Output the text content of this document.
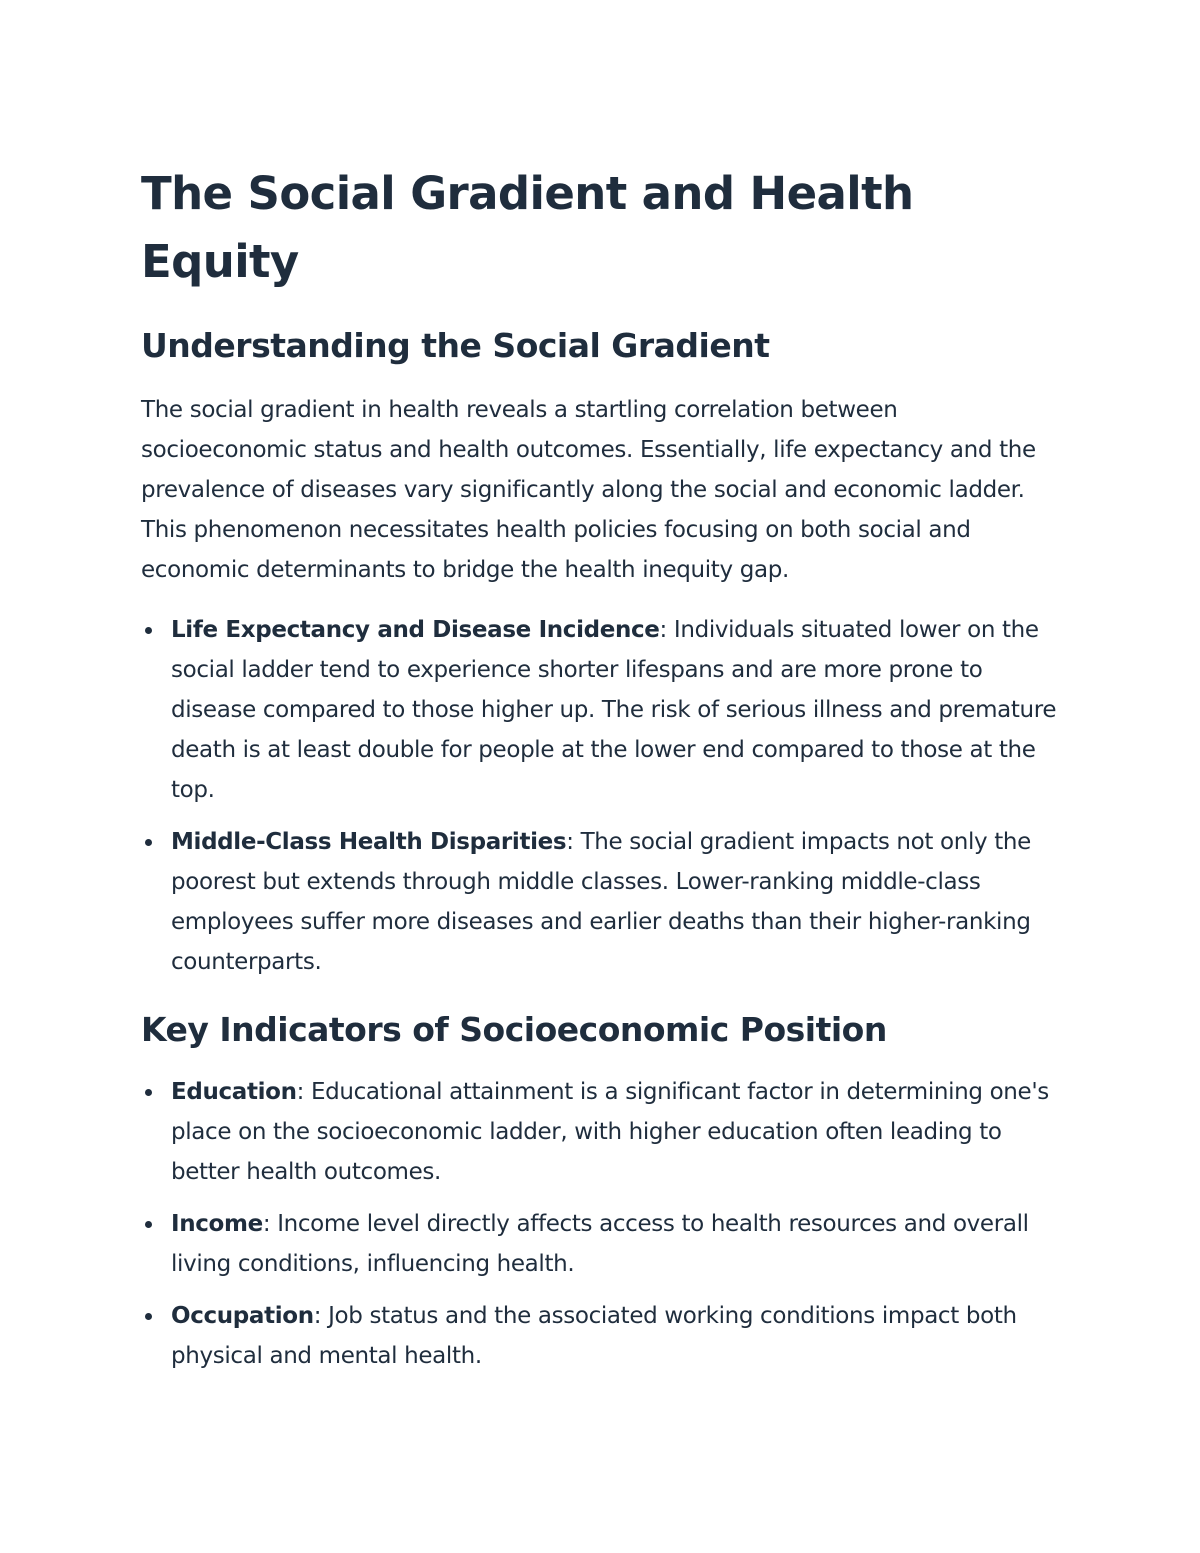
The Social Gradient and Health Equity
Understanding the Social Gradient

The social gradient in health reveals a startling correlation between socioeconomic status and health outcomes. Essentially, life expectancy and the prevalence of diseases vary significantly along the social and economic ladder. This phenomenon necessitates health policies focusing on both social and economic determinants to bridge the health inequity gap.

Life Expectancy and Disease Incidence: Individuals situated lower on the social ladder tend to experience shorter lifespans and are more prone to disease compared to those higher up. The risk of serious illness and premature death is at least double for people at the lower end compared to those at the top.
Middle-Class Health Disparities: The social gradient impacts not only the poorest but extends through middle classes. Lower-ranking middle-class employees suffer more diseases and earlier deaths than their higher-ranking counterparts.
Key Indicators of Socioeconomic Position
Education: Educational attainment is a significant factor in determining one's place on the socioeconomic ladder, with higher education often leading to better health outcomes.
Income: Income level directly affects access to health resources and overall living conditions, influencing health.
Occupation: Job status and the associated working conditions impact both physical and mental health.
